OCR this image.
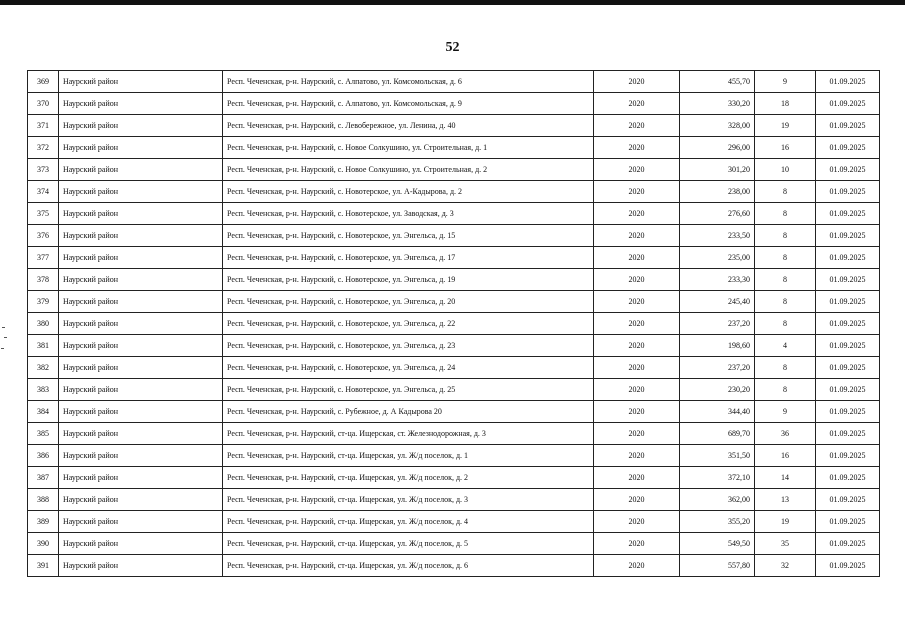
52
369	Наурский район	Респ. Чеченская, р-н. Наурский, с. Алпатово, ул. Комсомольская, д. 6	2020	455,70	9	01.09.2025
370	Наурский район	Респ. Чеченская, р-н. Наурский, с. Алпатово, ул. Комсомольская, д. 9	2020	330,20	18	01.09.2025
371	Наурский район	Респ. Чеченская, р-н. Наурский, с. Левобережное, ул. Ленина, д. 40	2020	328,00	19	01.09.2025
372	Наурский район	Респ. Чеченская, р-н. Наурский, с. Новое Солкушино, ул. Строительная, д. 1	2020	296,00	16	01.09.2025
373	Наурский район	Респ. Чеченская, р-н. Наурский, с. Новое Солкушино, ул. Строительная, д. 2	2020	301,20	10	01.09.2025
374	Наурский район	Респ. Чеченская, р-н. Наурский, с. Новотерское, ул. А-Кадырова, д. 2	2020	238,00	8	01.09.2025
375	Наурский район	Респ. Чеченская, р-н. Наурский, с. Новотерское, ул. Заводская, д. 3	2020	276,60	8	01.09.2025
376	Наурский район	Респ. Чеченская, р-н. Наурский, с. Новотерское, ул. Энгельса, д. 15	2020	233,50	8	01.09.2025
377	Наурский район	Респ. Чеченская, р-н. Наурский, с. Новотерское, ул. Энгельса, д. 17	2020	235,00	8	01.09.2025
378	Наурский район	Респ. Чеченская, р-н. Наурский, с. Новотерское, ул. Энгельса, д. 19	2020	233,30	8	01.09.2025
379	Наурский район	Респ. Чеченская, р-н. Наурский, с. Новотерское, ул. Энгельса, д. 20	2020	245,40	8	01.09.2025
380	Наурский район	Респ. Чеченская, р-н. Наурский, с. Новотерское, ул. Энгельса, д. 22	2020	237,20	8	01.09.2025
381	Наурский район	Респ. Чеченская, р-н. Наурский, с. Новотерское, ул. Энгельса, д. 23	2020	198,60	4	01.09.2025
382	Наурский район	Респ. Чеченская, р-н. Наурский, с. Новотерское, ул. Энгельса, д. 24	2020	237,20	8	01.09.2025
383	Наурский район	Респ. Чеченская, р-н. Наурский, с. Новотерское, ул. Энгельса, д. 25	2020	230,20	8	01.09.2025
384	Наурский район	Респ. Чеченская, р-н. Наурский, с. Рубежное, д. А Кадырова 20	2020	344,40	9	01.09.2025
385	Наурский район	Респ. Чеченская, р-н. Наурский, ст-ца. Ищерская, ст. Железнодорожная, д. 3	2020	689,70	36	01.09.2025
386	Наурский район	Респ. Чеченская, р-н. Наурский, ст-ца. Ищерская, ул. Ж/д поселок, д. 1	2020	351,50	16	01.09.2025
387	Наурский район	Респ. Чеченская, р-н. Наурский, ст-ца. Ищерская, ул. Ж/д поселок, д. 2	2020	372,10	14	01.09.2025
388	Наурский район	Респ. Чеченская, р-н. Наурский, ст-ца. Ищерская, ул. Ж/д поселок, д. 3	2020	362,00	13	01.09.2025
389	Наурский район	Респ. Чеченская, р-н. Наурский, ст-ца. Ищерская, ул. Ж/д поселок, д. 4	2020	355,20	19	01.09.2025
390	Наурский район	Респ. Чеченская, р-н. Наурский, ст-ца. Ищерская, ул. Ж/д поселок, д. 5	2020	549,50	35	01.09.2025
391	Наурский район	Респ. Чеченская, р-н. Наурский, ст-ца. Ищерская, ул. Ж/д поселок, д. 6	2020	557,80	32	01.09.2025
